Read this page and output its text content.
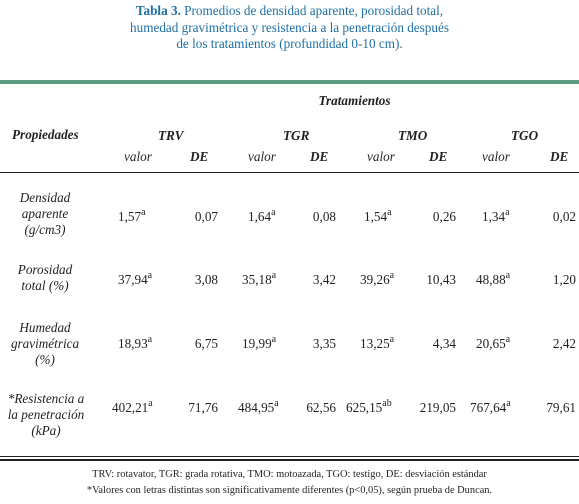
Tabla 3. Promedios de densidad aparente, porosidad total,
humedad gravimétrica y resistencia a la penetración después
de los tratamientos (profundidad 0-10 cm).
Tratamientos
Propiedades	TRV	TGR	TMO	TGO
valor	DE	valor	DE	valor	DE	valor	DE
Densidad
aparente
(g/cm3)
1,57$^a$	0,07 1,64$^a$	0,08 1,54$^a$	0,26 1,34$^a$	0,02
Porosidad
total (%)	37,94$^a$	3,08 35,18$^a$	3,42 39,26$^a$	10,43 48,88$^a$	1,20
Humedad
gravimétrica
(%)
18,93$^a$	6,75 19,99$^a$	3,35 13,25$^a$	4,34 20,65$^a$	2,42
*Resistencia a
la penetración
(kPa)
402,21$^a$	71,76 484,95$^a$	62,56 625,15$^{ab}$	219,05 767,64$^a$	79,61
TRV: rotavator, TGR: grada rotativa, TMO: motoazada, TGO: testigo, DE: desviación estándar
*Valores con letras distintas son significativamente diferentes (p<0,05), según prueba de Duncan.
